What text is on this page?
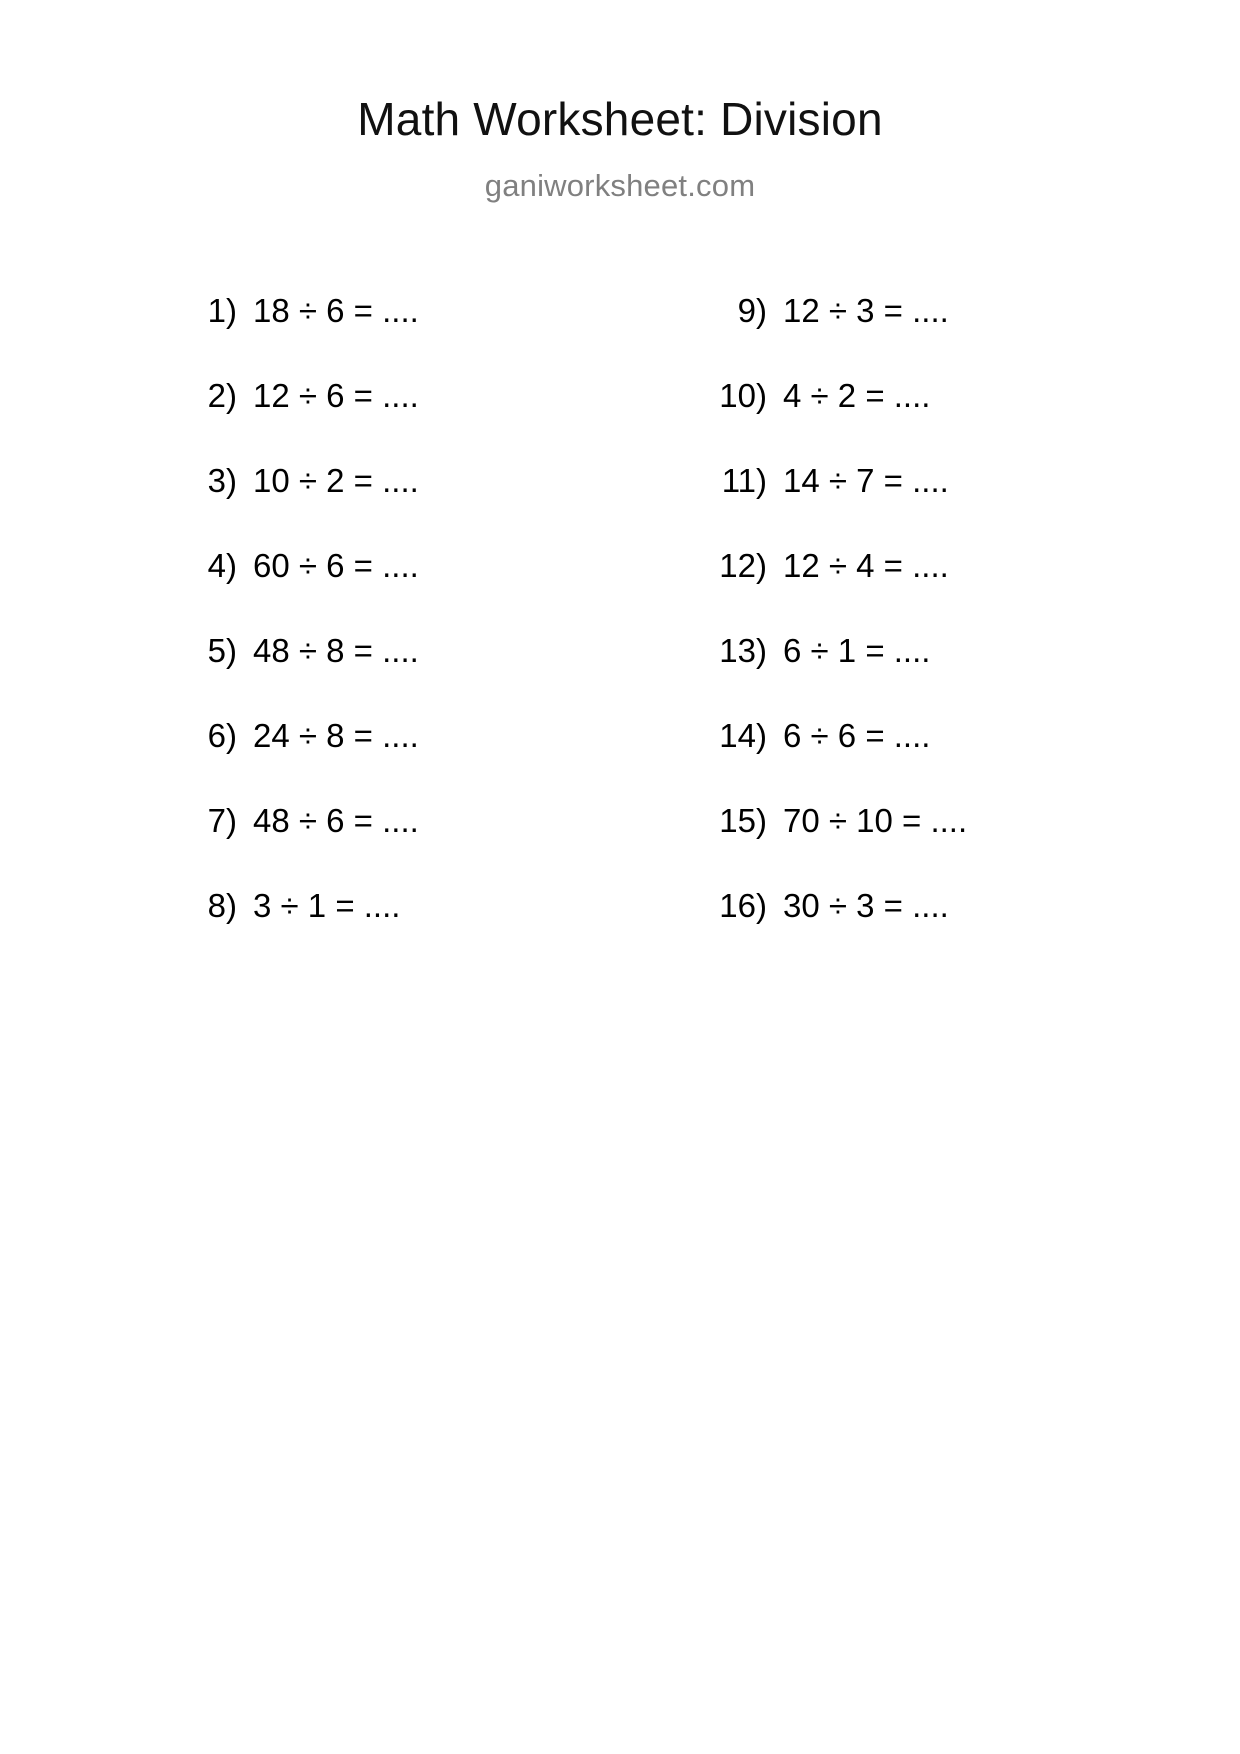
Math Worksheet: Division
ganiworksheet.com
1) 18 ÷ 6 = ....
2) 12 ÷ 6 = ....
3) 10 ÷ 2 = ....
4) 60 ÷ 6 = ....
5) 48 ÷ 8 = ....
6) 24 ÷ 8 = ....
7) 48 ÷ 6 = ....
8) 3 ÷ 1 = ....
9) 12 ÷ 3 = ....
10) 4 ÷ 2 = ....
11) 14 ÷ 7 = ....
12) 12 ÷ 4 = ....
13) 6 ÷ 1 = ....
14) 6 ÷ 6 = ....
15) 70 ÷ 10 = ....
16) 30 ÷ 3 = ....
